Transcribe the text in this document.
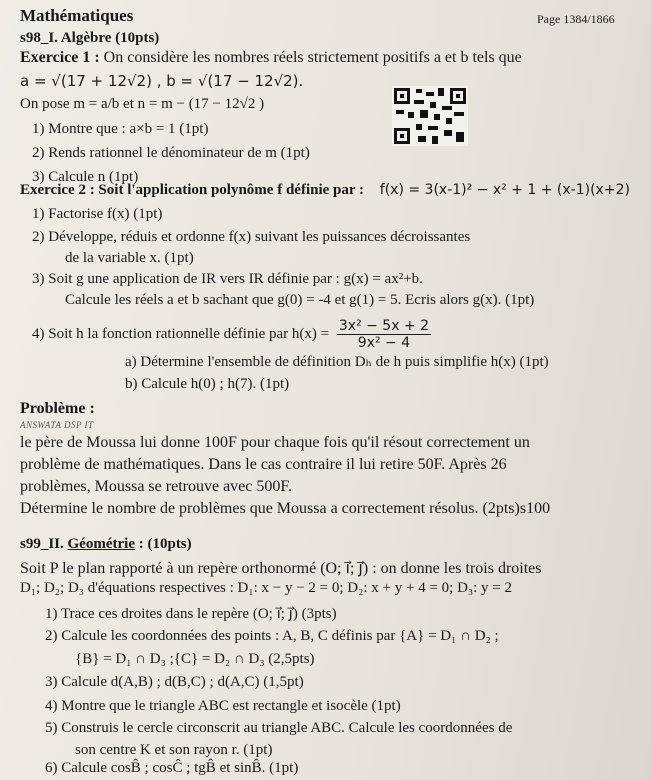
Mathématiques	Page 1384/1866
s98_I. Algèbre (10pts)
Exercice 1 : On considère les nombres réels strictement positifs a et b tels que
a = √(17 + 12√2) , b = √(17 − 12√2).
On pose m = a/b et n = m − (17 − 12√2 )
1) Montre que : a×b = 1 (1pt)
2) Rends rationnel le dénominateur de m (1pt)
3) Calcule n (1pt)
Exercice 2 : Soit l'application polynôme f définie par : f(x) = 3(x-1)² − x² + 1 + (x-1)(x+2)
1) Factorise f(x) (1pt)
2) Développe, réduis et ordonne f(x) suivant les puissances décroissantes
de la variable x. (1pt)
3) Soit g une application de IR vers IR définie par : g(x) = ax²+b.
Calcule les réels a et b sachant que g(0) = -4 et g(1) = 5. Ecris alors g(x). (1pt)
4) Soit h la fonction rationnelle définie par $h(x) = \frac{\text{3x² − 5x + 2}}{\text{9x² − 4}}$
a) Détermine l'ensemble de définition Dₕ de h puis simplifie h(x) (1pt)
b) Calcule h(0) ; h(7). (1pt)
Problème :
ANSWATA DSP IT
le père de Moussa lui donne 100F pour chaque fois qu'il résout correctement un
problème de mathématiques. Dans le cas contraire il lui retire 50F. Après 26
problèmes, Moussa se retrouve avec 500F.
Détermine le nombre de problèmes que Moussa a correctement résolus. (2pts)s100
s99_II. Géométrie : (10pts)
Soit P le plan rapporté à un repère orthonormé (O; i⃗; j⃗) : on donne les trois droites
D₁; D₂; D₃ d'équations respectives : D₁: x − y − 2 = 0; D₂: x + y + 4 = 0; D₃: y = 2
1) Trace ces droites dans le repère (O; i⃗; j⃗) (3pts)
2) Calcule les coordonnées des points : A, B, C définis par {A} = D₁ ∩ D₂ ;
{B} = D₁ ∩ D₃ ;{C} = D₂ ∩ D₃ (2,5pts)
3) Calcule d(A,B) ; d(B,C) ; d(A,C) (1,5pt)
4) Montre que le triangle ABC est rectangle et isocèle (1pt)
5) Construis le cercle circonscrit au triangle ABC. Calcule les coordonnées de
son centre K et son rayon r. (1pt)
6) Calcule cosB̂ ; cosĈ ; tgB̂ et sinB̂. (1pt)
